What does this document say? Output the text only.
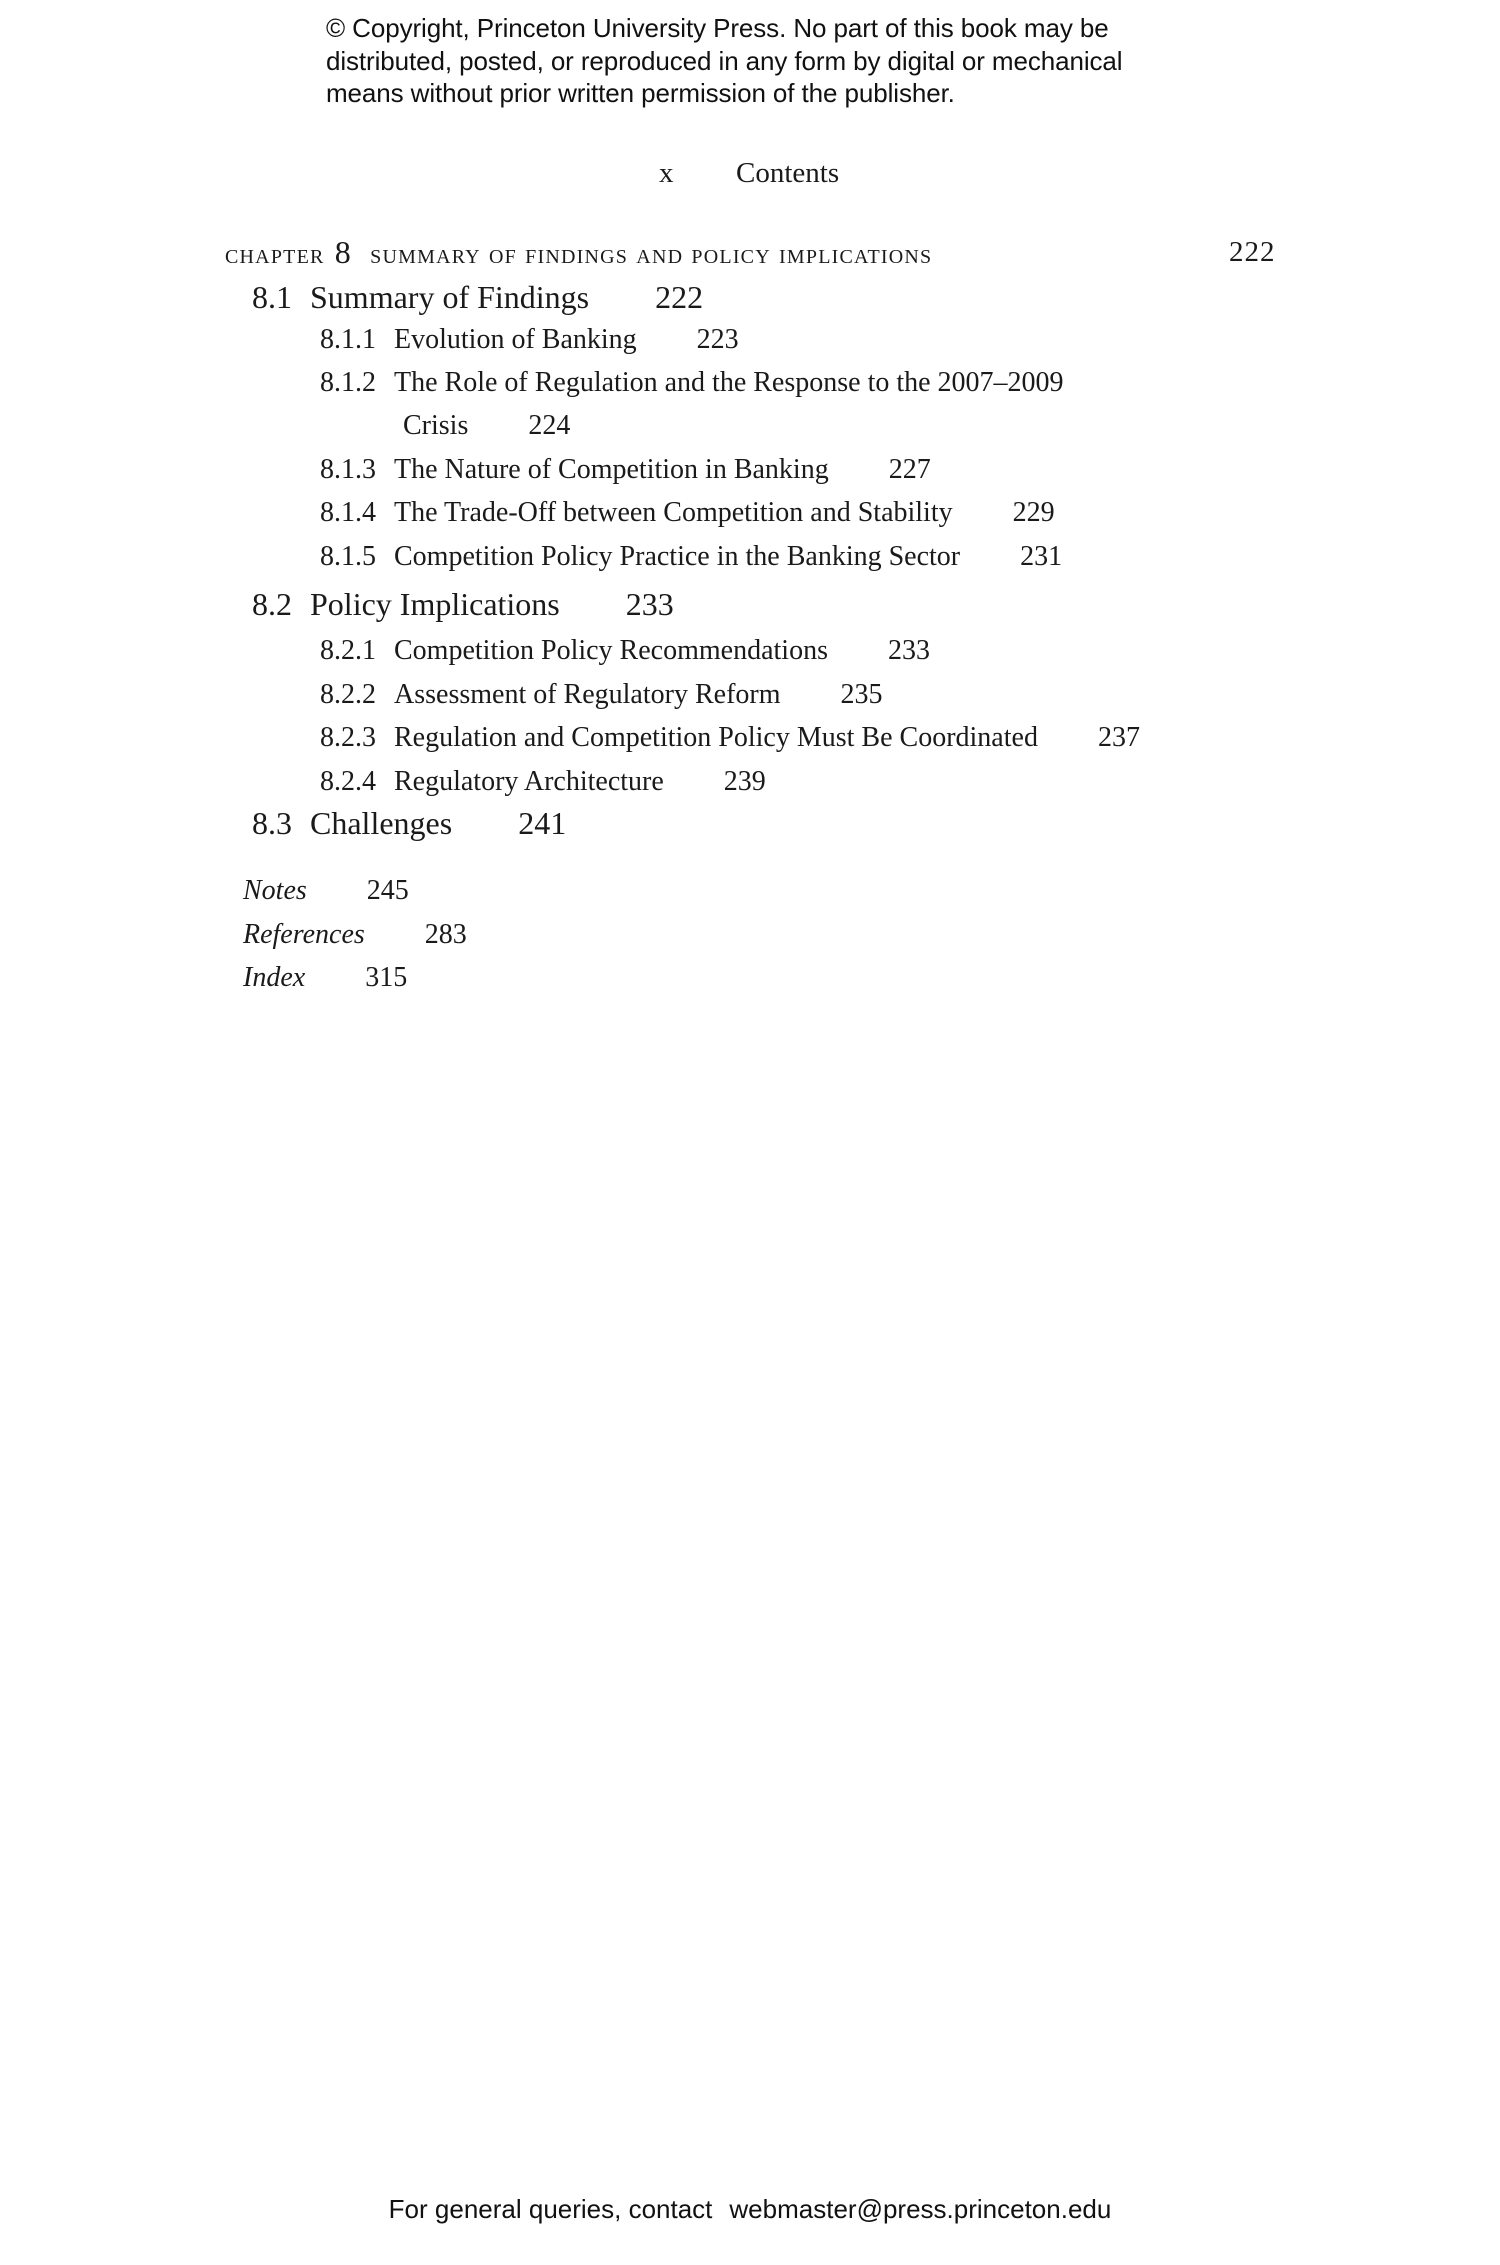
© Copyright, Princeton University Press. No part of this book may be
distributed, posted, or reproduced in any form by digital or mechanical
means without prior written permission of the publisher.
x Contents
chapter 8 summary of findings and policy implications	222
8.1 Summary of Findings 222
8.1.1 Evolution of Banking 223
8.1.2 The Role of Regulation and the Response to the 2007–2009
Crisis 224
8.1.3 The Nature of Competition in Banking 227
8.1.4 The Trade-Off between Competition and Stability 229
8.1.5 Competition Policy Practice in the Banking Sector 231
8.2 Policy Implications 233
8.2.1 Competition Policy Recommendations 233
8.2.2 Assessment of Regulatory Reform 235
8.2.3 Regulation and Competition Policy Must Be Coordinated 237
8.2.4 Regulatory Architecture 239
8.3 Challenges 241
Notes 245
References 283
Index 315
For general queries, contact webmaster@press.princeton.edu
